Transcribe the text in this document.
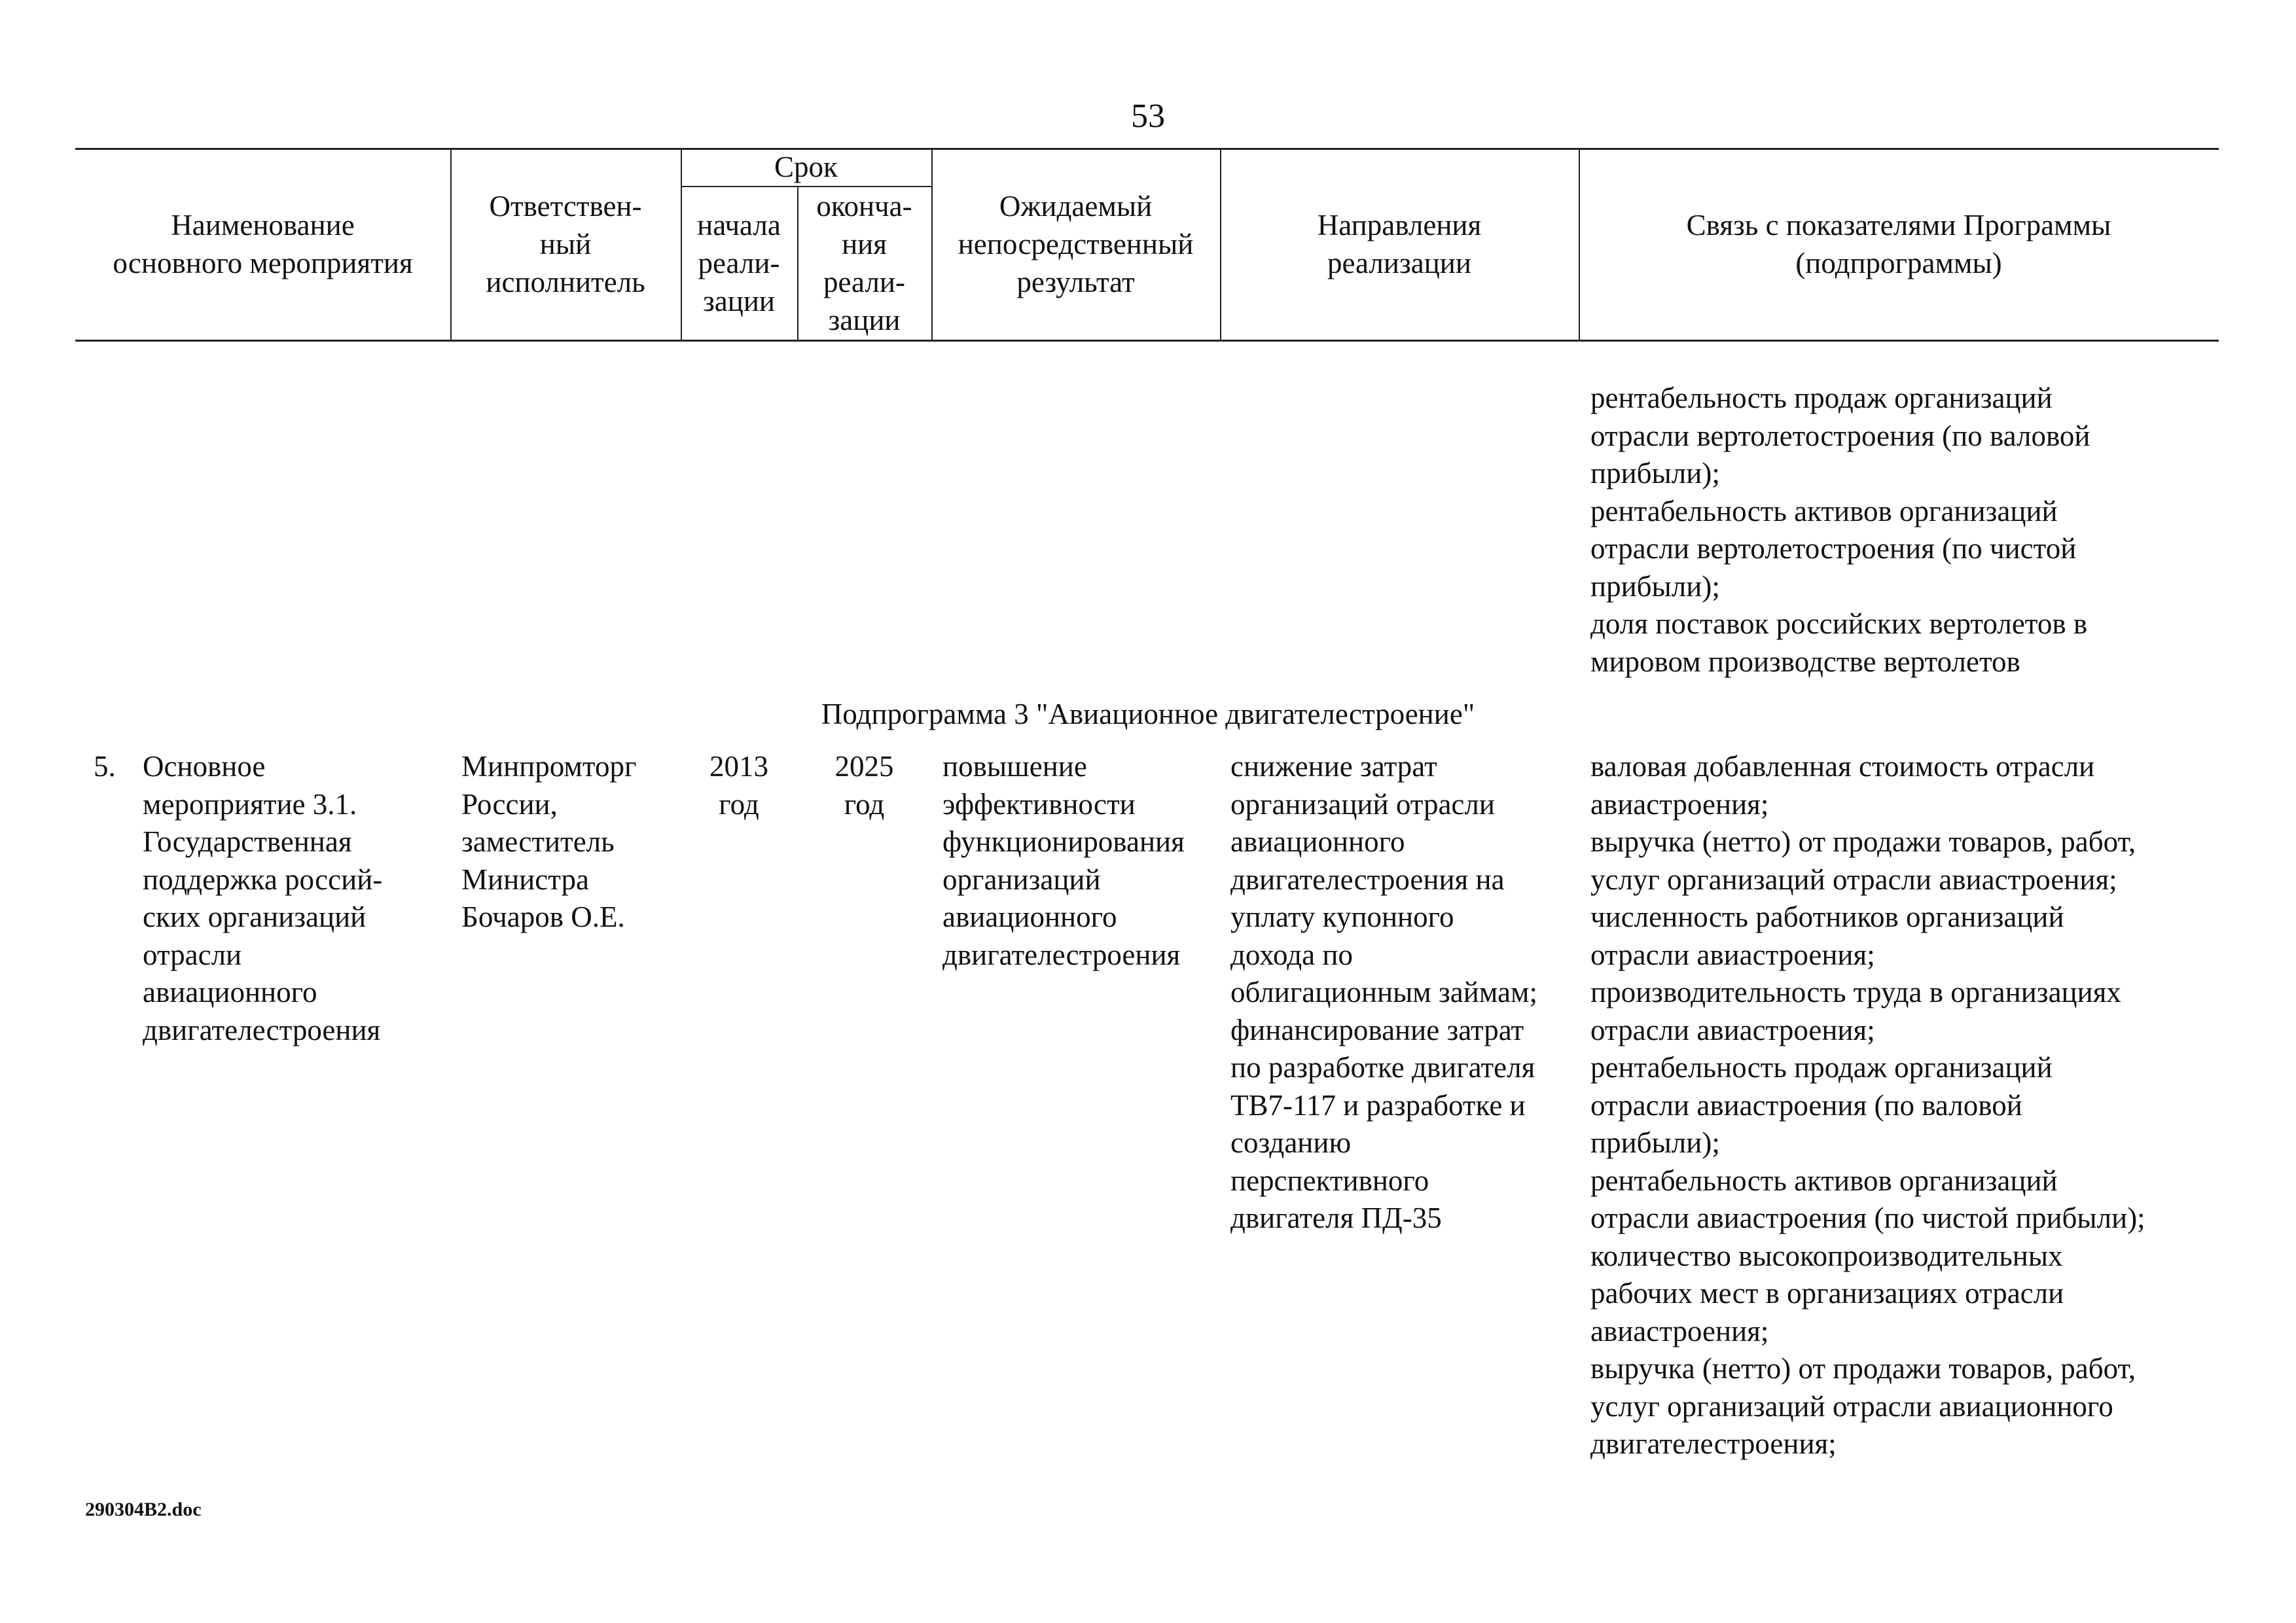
53
Наименование
основного мероприятия
Ответствен-
ный
исполнитель
Срок
начала
реали-
зации
оконча-
ния
реали-
зации
Ожидаемый
непосредственный
результат
Направления
реализации
Связь с показателями Программы
(подпрограммы)
рентабельность продаж организаций
отрасли вертолетостроения (по валовой
прибыли);
рентабельность активов организаций
отрасли вертолетостроения (по чистой
прибыли);
доля поставок российских вертолетов в
мировом производстве вертолетов
Подпрограмма 3 "Авиационное двигателестроение"
5. Основное
мероприятие 3.1.
Государственная
поддержка россий-
ских организаций
отрасли
авиационного
двигателестроения
Минпромторг
России,
заместитель
Министра
Бочаров О.Е.
2013
год
2025
год
повышение
эффективности
функционирования
организаций
авиационного
двигателестроения
снижение затрат
организаций отрасли
авиационного
двигателестроения на
уплату купонного
дохода по
облигационным займам;
финансирование затрат
по разработке двигателя
ТВ7-117 и разработке и
созданию
перспективного
двигателя ПД-35
валовая добавленная стоимость отрасли
авиастроения;
выручка (нетто) от продажи товаров, работ,
услуг организаций отрасли авиастроения;
численность работников организаций
отрасли авиастроения;
производительность труда в организациях
отрасли авиастроения;
рентабельность продаж организаций
отрасли авиастроения (по валовой
прибыли);
рентабельность активов организаций
отрасли авиастроения (по чистой прибыли);
количество высокопроизводительных
рабочих мест в организациях отрасли
авиастроения;
выручка (нетто) от продажи товаров, работ,
услуг организаций отрасли авиационного
двигателестроения;
290304B2.doc
